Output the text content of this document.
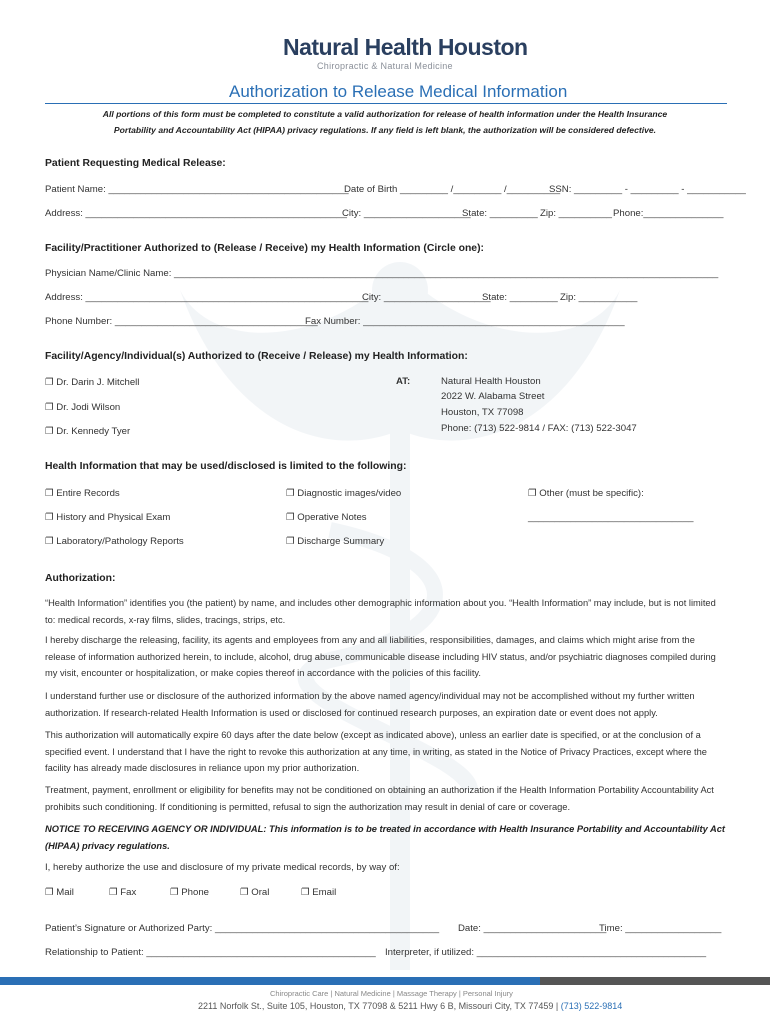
Natural Health Houston
Chiropractic & Natural Medicine
Authorization to Release Medical Information
All portions of this form must be completed to constitute a valid authorization for release of health information under the Health Insurance
Portability and Accountability Act (HIPAA) privacy regulations. If any field is left blank, the authorization will be considered defective.
Patient Requesting Medical Release:
Patient Name: _____________________________________________
Date of Birth _________ /_________ /__________
SSN: _________ - _________ - ___________
Address: _________________________________________________
City: ____________________
State: _________ Zip: __________ Phone:_______________
Facility/Practitioner Authorized to (Release / Receive) my Health Information (Circle one):
Physician Name/Clinic Name: ______________________________________________________________________________________________________
Address: _____________________________________________________
City: ____________________
State: _________ Zip: ___________
Phone Number: ______________________________________
Fax Number: _________________________________________________
Facility/Agency/Individual(s) Authorized to (Receive / Release) my Health Information:
❐ Dr. Darin J. Mitchell
❐ Dr. Jodi Wilson
❐ Dr. Kennedy Tyer
AT:	Natural Health Houston
2022 W. Alabama Street
Houston, TX 77098
Phone: (713) 522-9814 / FAX: (713) 522-3047
Health Information that may be used/disclosed is limited to the following:
❐ Entire Records
❐ History and Physical Exam
❐ Laboratory/Pathology Reports
❐ Diagnostic images/video
❐ Operative Notes
❐ Discharge Summary
❐ Other (must be specific):
_______________________________
Authorization:
“Health Information” identifies you (the patient) by name, and includes other demographic information about you. “Health Information” may include, but is not limited to: medical records, x-ray films, slides, tracings, strips, etc.
I hereby discharge the releasing, facility, its agents and employees from any and all liabilities, responsibilities, damages, and claims which might arise from the release of information authorized herein, to include, alcohol, drug abuse, communicable disease including HIV status, and/or psychiatric diagnoses compiled during my visit, encounter or hospitalization, or make copies thereof in accordance with the policies of this facility.
I understand further use or disclosure of the authorized information by the above named agency/individual may not be accomplished without my further written authorization. If research-related Health Information is used or disclosed for continued research purposes, an expiration date or event does not apply.
This authorization will automatically expire 60 days after the date below (except as indicated above), unless an earlier date is specified, or at the conclusion of a specified event. I understand that I have the right to revoke this authorization at any time, in writing, as stated in the Notice of Privacy Practices, except where the facility has already made disclosures in reliance upon my prior authorization.
Treatment, payment, enrollment or eligibility for benefits may not be conditioned on obtaining an authorization if the Health Information Portability Accountability Act prohibits such conditioning. If conditioning is permitted, refusal to sign the authorization may result in denial of care or coverage.
NOTICE TO RECEIVING AGENCY OR INDIVIDUAL: This information is to be treated in accordance with Health Insurance Portability and Accountability Act (HIPAA) privacy regulations.
I, hereby authorize the use and disclosure of my private medical records, by way of:
❐ Mail	❐ Fax	❐ Phone	❐ Oral	❐ Email
Patient’s Signature or Authorized Party: __________________________________________ Date: _______________________
Time: __________________
Relationship to Patient: ___________________________________________ Interpreter, if utilized: ___________________________________________
Chiropractic Care | Natural Medicine | Massage Therapy | Personal Injury
2211 Norfolk St., Suite 105, Houston, TX 77098 & 5211 Hwy 6 B, Missouri City, TX 77459 | (713) 522-9814
